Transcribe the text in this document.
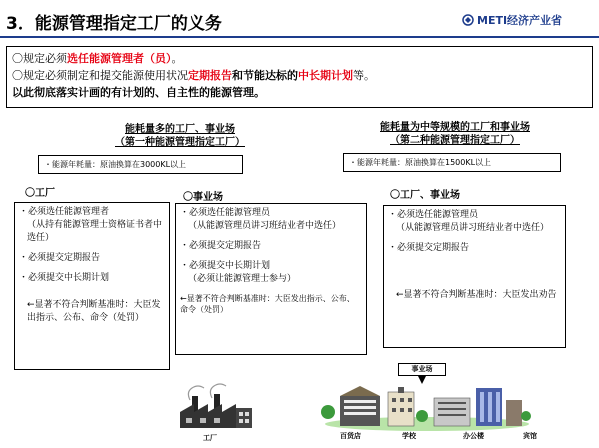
3．能源管理指定工厂的义务	METI经济产业省
〇规定必须选任能源管理者（员）。
〇规定必须制定和提交能源使用状况定期报告和节能达标的中长期计划等。
以此彻底落实计画的有计划的、自主性的能源管理。
能耗量多的工厂、事业场
（第一种能源管理指定工厂）
・能源年耗量：原油换算在3000KL以上
能耗量为中等规模的工厂和事业场
（第二种能源管理指定工厂）
・能源年耗量：原油换算在1500KL以上
〇工厂	〇事业场	〇工厂、事业场
・必须选任能源管理者
（从持有能源管理士资格证书者中选任）
・必须提交定期报告
・必须提交中长期计划
←显著不符合判断基准时：大臣发出指示、公布、命令（处罚）
・必须选任能源管理员
（从能源管理员讲习班结业者中选任）
・必须提交定期报告
・必须提交中长期计划
（必须让能源管理士参与）
←显著不符合判断基准时：大臣发出指示、公布、命令（处罚）
・必须选任能源管理员
（从能源管理员讲习班结业者中选任）
・必须提交定期报告
←显著不符合判断基准时：大臣发出劝告
工厂
事业场
百货店	学校	办公楼	宾馆
